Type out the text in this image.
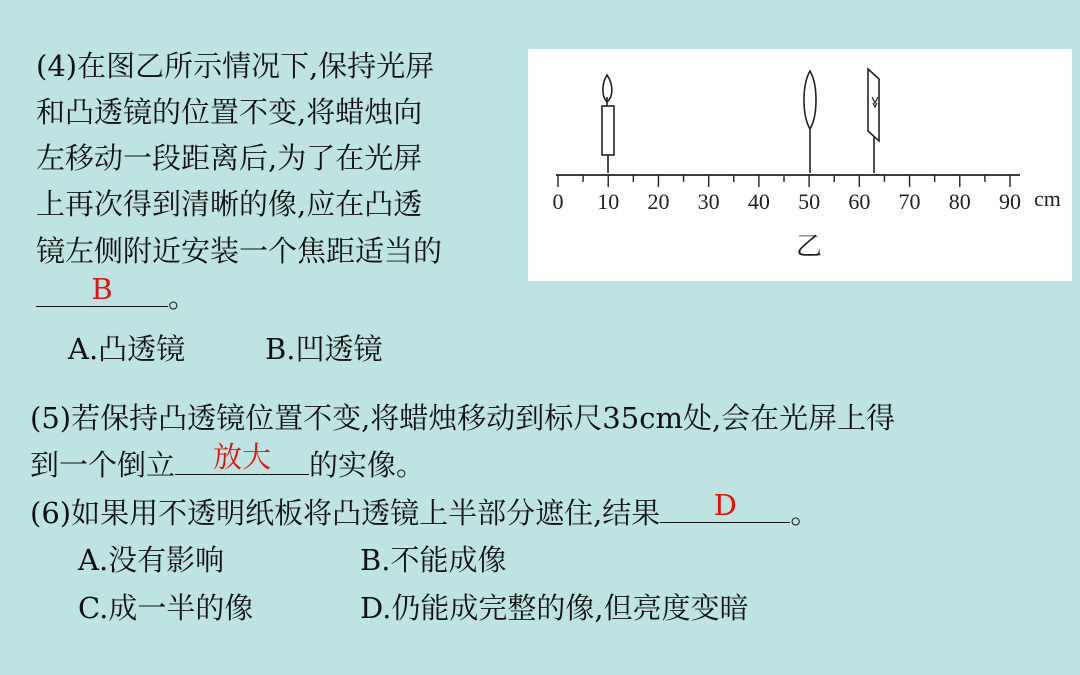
(4)在图乙所示情况下,保持光屏
和凸透镜的位置不变,将蜡烛向
左移动一段距离后,为了在光屏
上再次得到清晰的像,应在凸透
镜左侧附近安装一个焦距适当的
B	。
A.凸透镜	B.凹透镜
(5)若保持凸透镜位置不变,将蜡烛移动到标尺35cm处,会在光屏上得
到一个倒立	放大	的实像。
(6)如果用不透明纸板将凸透镜上半部分遮住,结果	D	。
A.没有影响	B.不能成像
C.成一半的像	D.仍能成完整的像,但亮度变暗
0 10 20 30 40 50 60 70 80 90 cm
乙
